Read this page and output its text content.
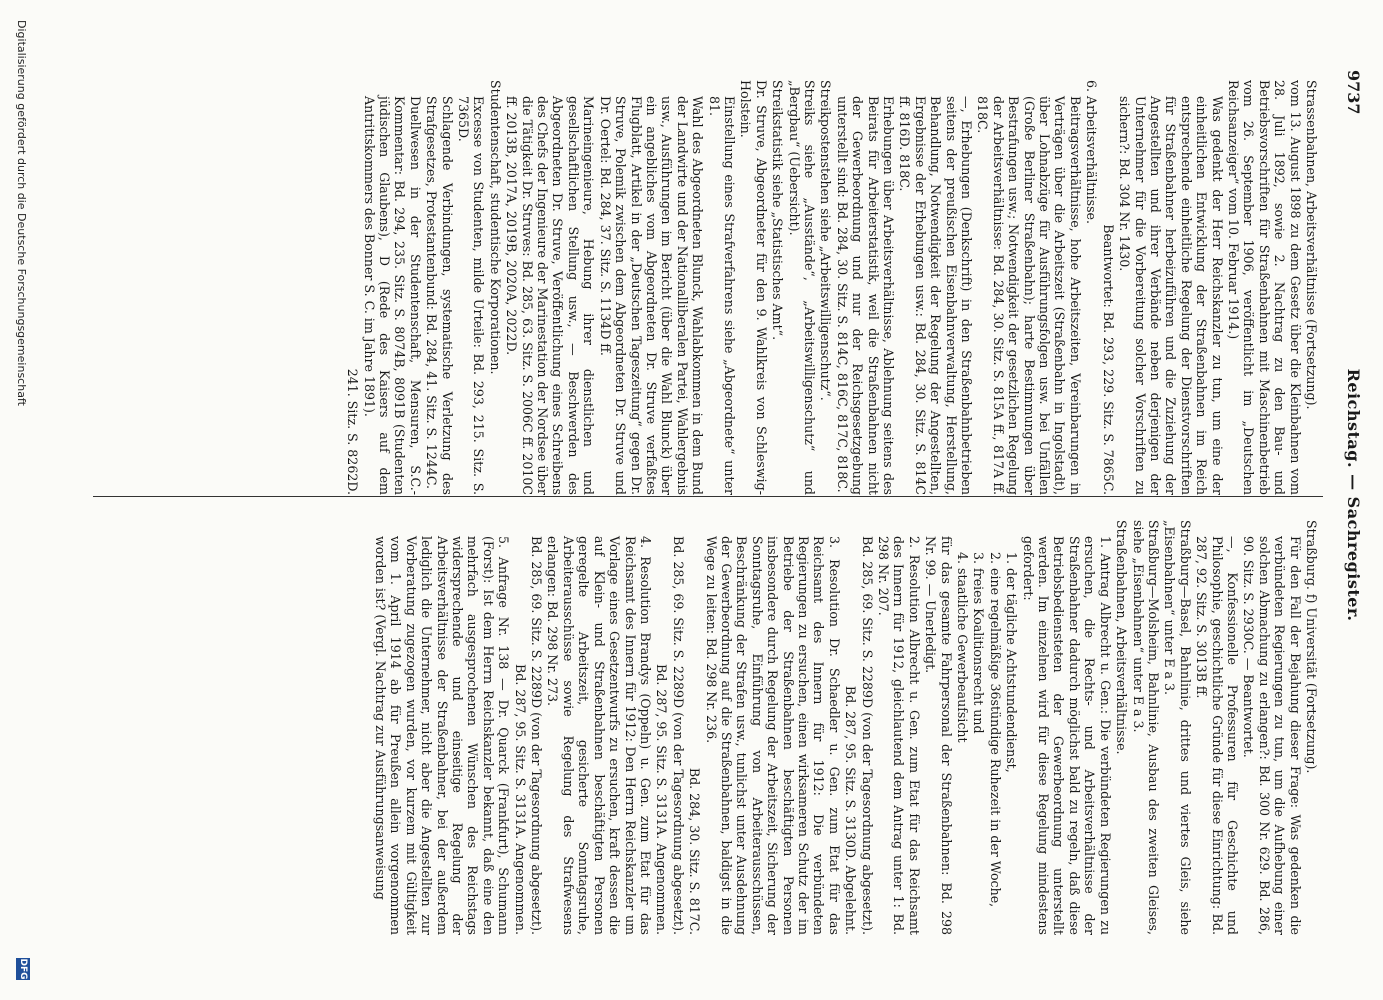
9737
Reichstag. — Sachregister.

Strassenbahnen, Arbeitsverhältnisse (Fortsetzung).

vom 13. August 1898 zu dem Gesetz über die Kleinbahnen vom 28. Juli 1892, sowie 2. Nachtrag zu den Bau- und Betriebsvorschriften für Straßenbahnen mit Maschinenbetrieb vom 26. September 1906, veröffentlicht im „Deutschen Reichsanzeiger“ vom 10. Februar 1914.)

Was gedenkt der Herr Reichskanzler zu tun, um eine der einheitlichen Entwicklung der Straßenbahnen im Reich entsprechende einheitliche Regelung der Dienstvorschriften für Straßenbahner herbeizuführen und die Zuziehung der Angestellten und ihrer Verbände neben derjenigen der Unternehmer für die Vorbereitung solcher Vorschriften zu sichern?: Bd. 304 Nr. 1430.

Beantwortet: Bd. 293, 229. Sitz. S. 7865C.

6. Arbeitsverhältnisse.

Beitragsverhältnisse, hohe Arbeitszeiten, Vereinbarungen in Verträgen über die Arbeitszeit (Straßenbahn in Ingolstadt), über Lohnabzüge für Ausführungsfolgen usw. bei Unfällen (Große Berliner Straßenbahn); harte Bestimmungen über Bestrafungen usw.; Notwendigkeit der gesetzlichen Regelung der Arbeitsverhältnisse: Bd. 284, 30. Sitz. S. 815A ff., 817A ff. 818C.

—, Erhebungen (Denkschrift) in den Straßenbahnbetrieben seitens der preußischen Eisenbahnverwaltung, Herstellung, Behandlung, Notwendigkeit der Regelung der Angestellten, Ergebnisse der Erhebungen usw.: Bd. 284, 30. Sitz. S. 814C ff. 816D. 818C.

Erhebungen über Arbeitsverhältnisse, Ablehnung seitens des Beirats für Arbeiterstatistik, weil die Straßenbahnen nicht der Gewerbeordnung und nur der Reichsgesetzgebung unterstellt sind: Bd. 284, 30. Sitz. S. 814C, 816C, 817C, 818C.

Streikpostenstehen siehe „Arbeitswilligenschutz“.

Streiks siehe „Ausstände“, „Arbeitswilligenschutz“ und „Bergbau“ (Uebersicht).

Streikstatistik siehe „Statistisches Amt“.

Dr. Struve, Abgeordneter für den 9. Wahlkreis von Schleswig-Holstein.

Einstellung eines Strafverfahrens siehe „Abgeordnete“ unter 81.

Wahl des Abgeordneten Blunck, Wahlabkommen in dem Bund der Landwirte und der Nationalliberalen Partei, Wahlergebnis usw., Ausführungen im Bericht (über die Wahl Blunck) über ein angebliches vom Abgeordneten Dr. Struve verfaßtes Flugblatt, Artikel in der „Deutschen Tageszeitung“ gegen Dr. Struve, Polemik zwischen dem Abgeordneten Dr. Struve und Dr. Oertel: Bd. 284, 37. Sitz. S. 1134D ff.

Marineingenieure, Hebung ihrer dienstlichen und gesellschaftlichen Stellung usw., — Beschwerden des Abgeordneten Dr. Struve, Veröffentlichung eines Schreibens des Chefs der Ingenieure der Marinestation der Nordsee über die Tätigkeit Dr. Struves: Bd. 285, 63. Sitz. S. 2006C ff. 2010C ff. 2013B, 2017A, 2019B, 2020A, 2022D.

Studentenschaft, studentische Korporationen.

Excesse von Studenten, milde Urteile: Bd. 293, 215. Sitz. S. 7365D.

Schlagende Verbindungen, systematische Verletzung des Strafgesetzes, Protestantenbund: Bd. 284, 41. Sitz. S. 1244C.

Duellwesen in der Studentenschaft, Mensuren, S.C.-Kommentar: Bd. 294, 235. Sitz. S. 8074B, 8091B (Studenten jüdischen Glaubens), D (Rede des Kaisers auf dem Antrittskommers des Bonner S. C. im Jahre 1891).

241. Sitz. S. 8262D.

Straßburg. f) Universität (Fortsetzung).

Für den Fall der Bejahung dieser Frage: Was gedenken die verbündeten Regierungen zu tun, um die Aufhebung einer solchen Abmachung zu erlangen?: Bd. 300 Nr. 629. Bd. 286, 90. Sitz. S. 2930C. — Beantwortet.

—, Konfessionelle Professuren für Geschichte und Philosophie, geschichtliche Gründe für diese Einrichtung: Bd. 287, 92. Sitz. S. 3013B ff.

Straßburg—Basel, Bahnlinie, drittes und viertes Gleis, siehe „Eisenbahnen“ unter E a 3.

Straßburg—Molsheim, Bahnlinie, Ausbau des zweiten Gleises, siehe „Eisenbahnen“ unter E a 3.

Straßenbahnen, Arbeitsverhältnisse.

1. Antrag Albrecht u. Gen.: Die verbündeten Regierungen zu ersuchen, die Rechts- und Arbeitsverhältnisse der Straßenbahner dadurch möglichst bald zu regeln, daß diese Betriebsbediensteten der Gewerbeordnung unterstellt werden. Im einzelnen wird für diese Regelung mindestens gefordert:

1. der tägliche Achtstundendienst,

2. eine regelmäßige 36stündige Ruhezeit in der Woche,

3. freies Koalitionsrecht und

4. staatliche Gewerbeaufsicht

für das gesamte Fahrpersonal der Straßenbahnen: Bd. 298 Nr. 99. — Unerledigt.

2. Resolution Albrecht u. Gen. zum Etat für das Reichsamt des Innern für 1912, gleichlautend dem Antrag unter 1: Bd. 298 Nr. 207.

Bd. 285, 69. Sitz. S. 2289D (von der Tagesordnung abgesetzt).

Bd. 287, 95. Sitz. S. 3130D. Abgelehnt.

3. Resolution Dr. Schaedler u. Gen. zum Etat für das Reichsamt des Innern für 1912: Die verbündeten Regierungen zu ersuchen, einen wirksameren Schutz der im Betriebe der Straßenbahnen beschäftigten Personen insbesondere durch Regelung der Arbeitszeit, Sicherung der Sonntagsruhe, Einführung von Arbeiterausschüssen, Beschränkung der Strafen usw., tunlichst unter Ausdehnung der Gewerbeordnung auf die Straßenbahnen, baldigst in die Wege zu leiten: Bd. 298 Nr. 236.

Bd. 284, 30. Sitz. S. 817C.

Bd. 285, 69. Sitz. S. 2289D (von der Tagesordnung abgesetzt).

Bd. 287, 95. Sitz. S. 3131A. Angenommen.

4. Resolution Brandys (Oppeln) u. Gen. zum Etat für das Reichsamt des Innern für 1912: Den Herrn Reichskanzler um Vorlage eines Gesetzentwurfs zu ersuchen, kraft dessen die auf Klein- und Straßenbahnen beschäftigten Personen geregelte Arbeitszeit, gesicherte Sonntagsruhe, Arbeiterausschüsse sowie Regelung des Strafwesens erlangen: Bd. 298 Nr. 273.

Bd. 285, 69. Sitz. S. 2289D (von der Tagesordnung abgesetzt).

Bd. 287, 95. Sitz. S. 3131A. Angenommen.

5. Anfrage Nr. 138 — Dr. Quarck (Frankfurt), Schumann (Forst): Ist dem Herrn Reichskanzler bekannt, daß eine den mehrfach ausgesprochenen Wünschen des Reichstags widersprechende und einseitige Regelung der Arbeitsverhältnisse der Straßenbahner, bei der außerdem lediglich die Unternehmer, nicht aber die Angestellten zur Vorberatung zugezogen wurden, vor kurzem mit Gültigkeit vom 1. April 1914 ab für Preußen allein vorgenommen worden ist? (Vergl. Nachtrag zur Ausführungsanweisung

Digitalisierung gefördert durch die Deutsche Forschungsgemeinschaft
DFG
